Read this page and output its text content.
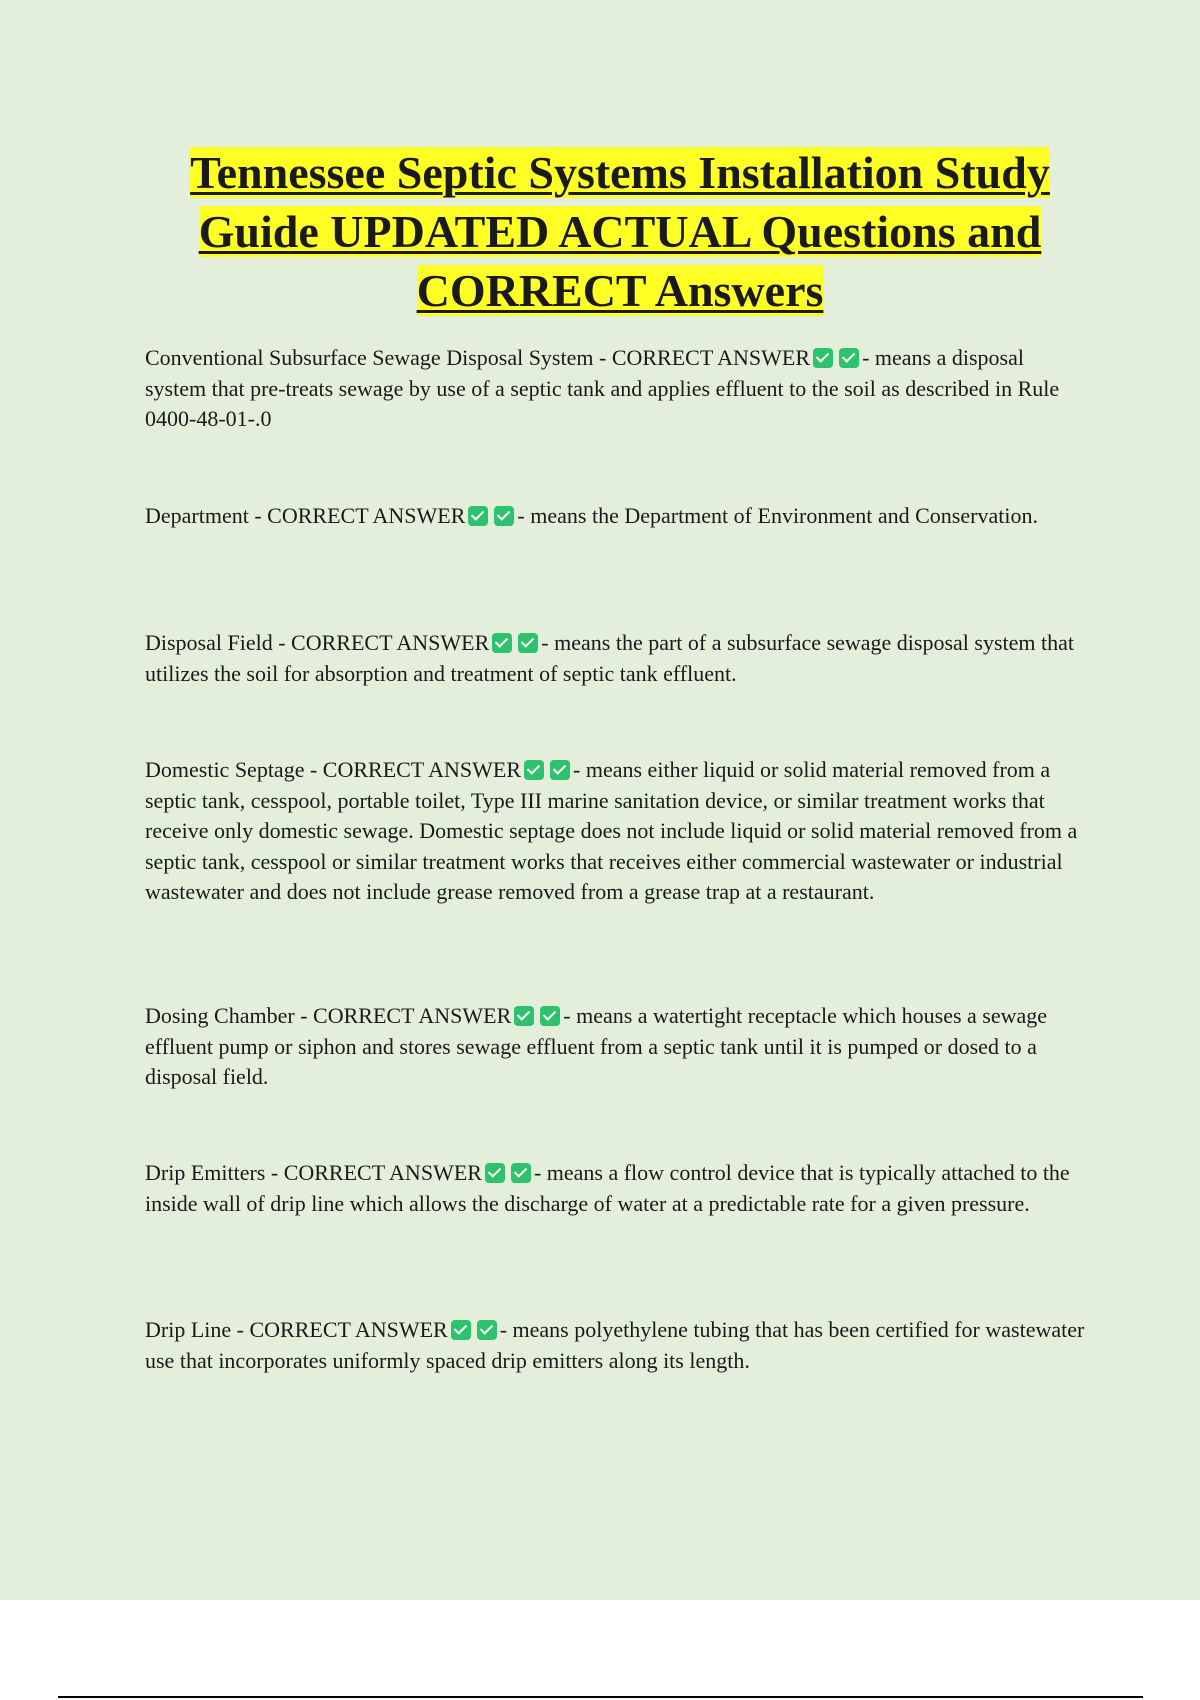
Tennessee Septic Systems Installation Study Guide UPDATED ACTUAL Questions and CORRECT Answers

Conventional Subsurface Sewage Disposal System - CORRECT ANSWER - means a disposal system that pre-treats sewage by use of a septic tank and applies effluent to the soil as described in Rule 0400-48-01-.0

Department - CORRECT ANSWER - means the Department of Environment and Conservation.

Disposal Field - CORRECT ANSWER - means the part of a subsurface sewage disposal system that utilizes the soil for absorption and treatment of septic tank effluent.

Domestic Septage - CORRECT ANSWER - means either liquid or solid material removed from a septic tank, cesspool, portable toilet, Type III marine sanitation device, or similar treatment works that receive only domestic sewage. Domestic septage does not include liquid or solid material removed from a septic tank, cesspool or similar treatment works that receives either commercial wastewater or industrial wastewater and does not include grease removed from a grease trap at a restaurant.

Dosing Chamber - CORRECT ANSWER - means a watertight receptacle which houses a sewage effluent pump or siphon and stores sewage effluent from a septic tank until it is pumped or dosed to a disposal field.

Drip Emitters - CORRECT ANSWER - means a flow control device that is typically attached to the inside wall of drip line which allows the discharge of water at a predictable rate for a given pressure.

Drip Line - CORRECT ANSWER - means polyethylene tubing that has been certified for wastewater use that incorporates uniformly spaced drip emitters along its length.
